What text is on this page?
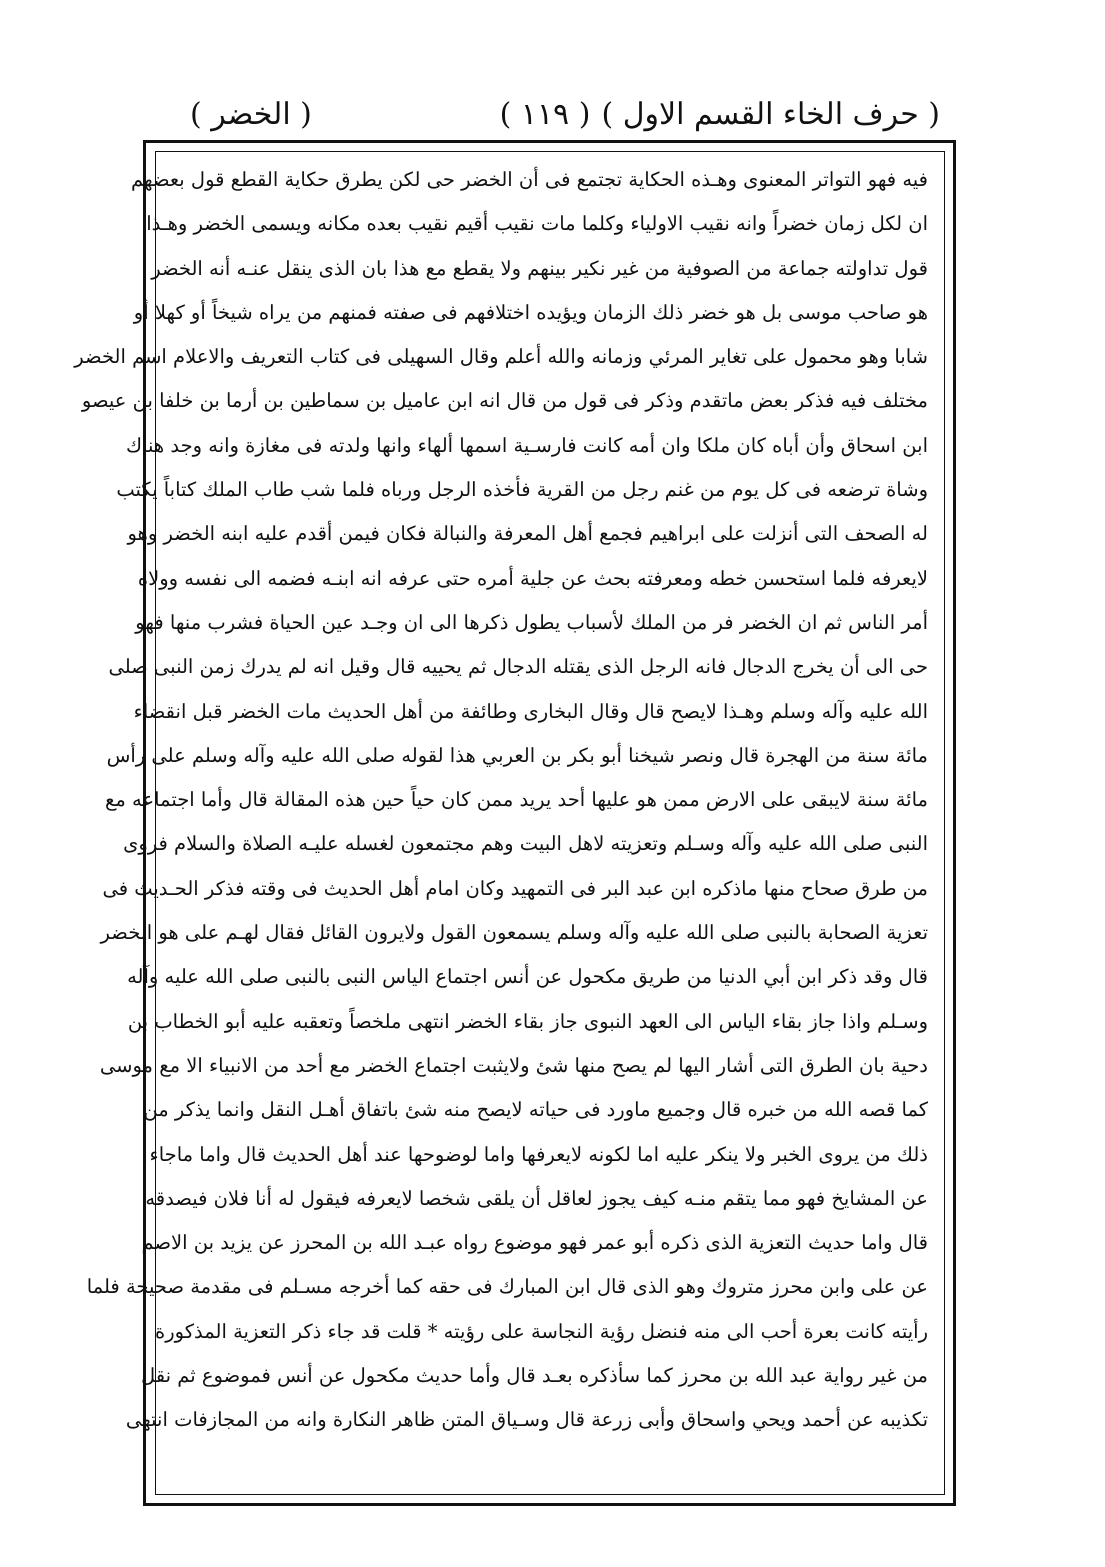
( حرف الخاء القسم الاول )
( ١١٩ )
( الخضر )
فيه فهو التواتر المعنوى وهـذه الحكاية تجتمع فى أن الخضر حى لكن يطرق حكاية القطع قول بعضهم
ان لكل زمان خضراً وانه نقيب الاولياء وكلما مات نقيب أقيم نقيب بعده مكانه ويسمى الخضر وهـذا
قول تداولته جماعة من الصوفية من غير نكير بينهم ولا يقطع مع هذا بان الذى ينقل عنـه أنه الخضر
هو صاحب موسى بل هو خضر ذلك الزمان ويؤيده اختلافهم فى صفته فمنهم من يراه شيخاً أو كهلا أو
شابا وهو محمول على تغاير المرئي وزمانه والله أعلم وقال السهيلى فى كتاب التعريف والاعلام اسم الخضر
مختلف فيه فذكر بعض ماتقدم وذكر فى قول من قال انه ابن عاميل بن سماطين بن أرما بن خلفا بن عيصو
ابن اسحاق وأن أباه كان ملكا وان أمه كانت فارسـية اسمها ألهاء وانها ولدته فى مغازة وانه وجد هناك
وشاة ترضعه فى كل يوم من غنم رجل من القرية فأخذه الرجل ورباه فلما شب طاب الملك كتاباً يكتب
له الصحف التى أنزلت على ابراهيم فجمع أهل المعرفة والنبالة فكان فيمن أقدم عليه ابنه الخضر وهو
لايعرفه فلما استحسن خطه ومعرفته بحث عن جلية أمره حتى عرفه انه ابنـه فضمه الى نفسه وولاه
أمر الناس ثم ان الخضر فر من الملك لأسباب يطول ذكرها الى ان وجـد عين الحياة فشرب منها فهو
حى الى أن يخرج الدجال فانه الرجل الذى يقتله الدجال ثم يحييه قال وقيل انه لم يدرك زمن النبى صلى
الله عليه وآله وسلم وهـذا لايصح قال وقال البخارى وطائفة من أهل الحديث مات الخضر قبل انقضاء
مائة سنة من الهجرة قال ونصر شيخنا أبو بكر بن العربي هذا لقوله صلى الله عليه وآله وسلم على رأس
مائة سنة لايبقى على الارض ممن هو عليها أحد يريد ممن كان حياً حين هذه المقالة قال وأما اجتماعه مع
النبى صلى الله عليه وآله وسـلم وتعزيته لاهل البيت وهم مجتمعون لغسله عليـه الصلاة والسلام فروى
من طرق صحاح منها ماذكره ابن عبد البر فى التمهيد وكان امام أهل الحديث فى وقته فذكر الحـديث فى
تعزية الصحابة بالنبى صلى الله عليه وآله وسلم يسمعون القول ولايرون القائل فقال لهـم على هو الخضر
قال وقد ذكر ابن أبي الدنيا من طريق مكحول عن أنس اجتماع الياس النبى بالنبى صلى الله عليه وآله
وسـلم واذا جاز بقاء الياس الى العهد النبوى جاز بقاء الخضر انتهى ملخصاً وتعقبه عليه أبو الخطاب بن
دحية بان الطرق التى أشار اليها لم يصح منها شئ ولايثبت اجتماع الخضر مع أحد من الانبياء الا مع موسى
كما قصه الله من خبره قال وجميع ماورد فى حياته لايصح منه شئ باتفاق أهـل النقل وانما يذكر من
ذلك من يروى الخبر ولا ينكر عليه اما لكونه لايعرفها واما لوضوحها عند أهل الحديث قال واما ماجاء
عن المشايخ فهو مما يتقم منـه كيف يجوز لعاقل أن يلقى شخصا لايعرفه فيقول له أنا فلان فيصدقه
قال واما حديث التعزية الذى ذكره أبو عمر فهو موضوع رواه عبـد الله بن المحرز عن يزيد بن الاصم
عن على وابن محرز متروك وهو الذى قال ابن المبارك فى حقه كما أخرجه مسـلم فى مقدمة صحيحة فلما
رأيته كانت بعرة أحب الى منه فنضل رؤية النجاسة على رؤيته * قلت قد جاء ذكر التعزية المذكورة
من غير رواية عبد الله بن محرز كما سأذكره بعـد قال وأما حديث مكحول عن أنس فموضوع ثم نقل
تكذيبه عن أحمد ويحي واسحاق وأبى زرعة قال وسـياق المتن ظاهر النكارة وانه من المجازفات انتهى
